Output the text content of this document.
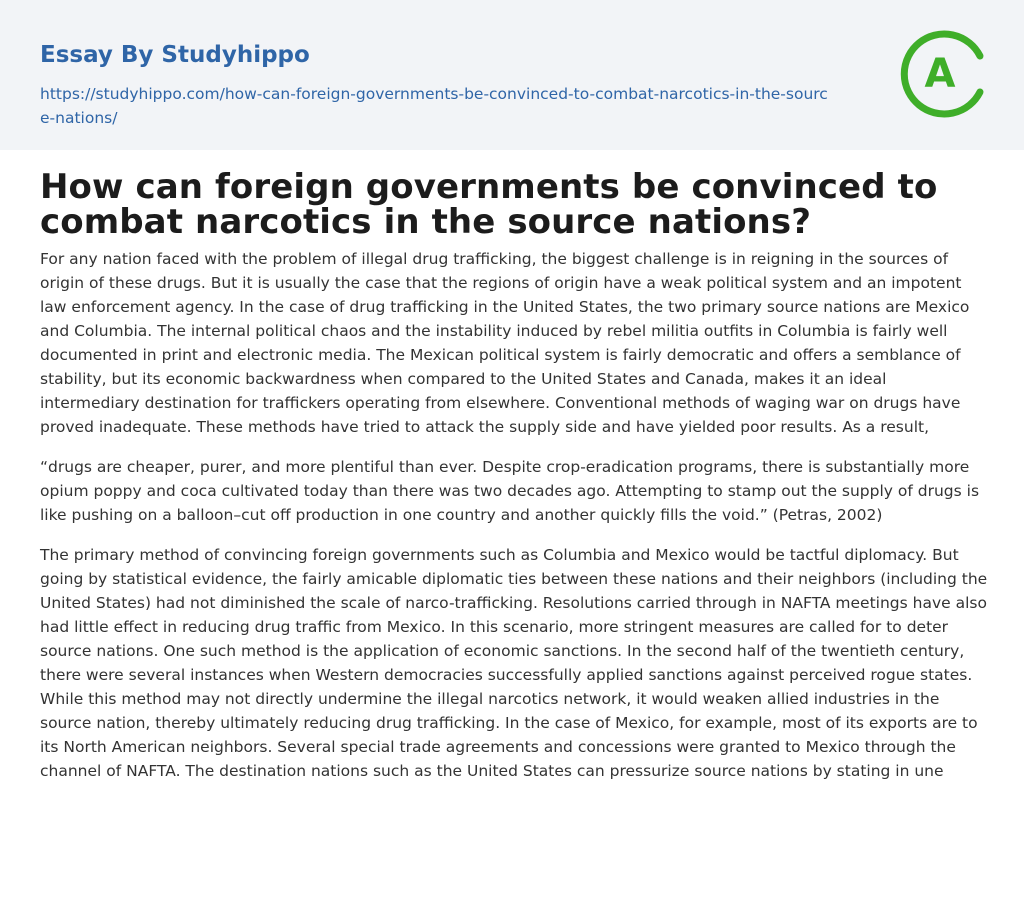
Essay By Studyhippo
https://studyhippo.com/how-can-foreign-governments-be-convinced-to-combat-narcotics-in-the-source-nations/
A
How can foreign governments be convinced to combat narcotics in the source nations?

For any nation faced with the problem of illegal drug trafficking, the biggest challenge is in reigning in the sources of origin of these drugs. But it is usually the case that the regions of origin have a weak political system and an impotent law enforcement agency. In the case of drug trafficking in the United States, the two primary source nations are Mexico and Columbia. The internal political chaos and the instability induced by rebel militia outfits in Columbia is fairly well documented in print and electronic media. The Mexican political system is fairly democratic and offers a semblance of stability, but its economic backwardness when compared to the United States and Canada, makes it an ideal intermediary destination for traffickers operating from elsewhere. Conventional methods of waging war on drugs have proved inadequate. These methods have tried to attack the supply side and have yielded poor results. As a result,

“drugs are cheaper, purer, and more plentiful than ever. Despite crop-eradication programs, there is substantially more opium poppy and coca cultivated today than there was two decades ago. Attempting to stamp out the supply of drugs is like pushing on a balloon–cut off production in one country and another quickly fills the void.” (Petras, 2002)

The primary method of convincing foreign governments such as Columbia and Mexico would be tactful diplomacy. But going by statistical evidence, the fairly amicable diplomatic ties between these nations and their neighbors (including the United States) had not diminished the scale of narco-trafficking. Resolutions carried through in NAFTA meetings have also had little effect in reducing drug traffic from Mexico. In this scenario, more stringent measures are called for to deter source nations. One such method is the application of economic sanctions. In the second half of the twentieth century, there were several instances when Western democracies successfully applied sanctions against perceived rogue states. While this method may not directly undermine the illegal narcotics network, it would weaken allied industries in the source nation, thereby ultimately reducing drug trafficking. In the case of Mexico, for example, most of its exports are to its North American neighbors. Several special trade agreements and concessions were granted to Mexico through the channel of NAFTA. The destination nations such as the United States can pressurize source nations by stating in une
